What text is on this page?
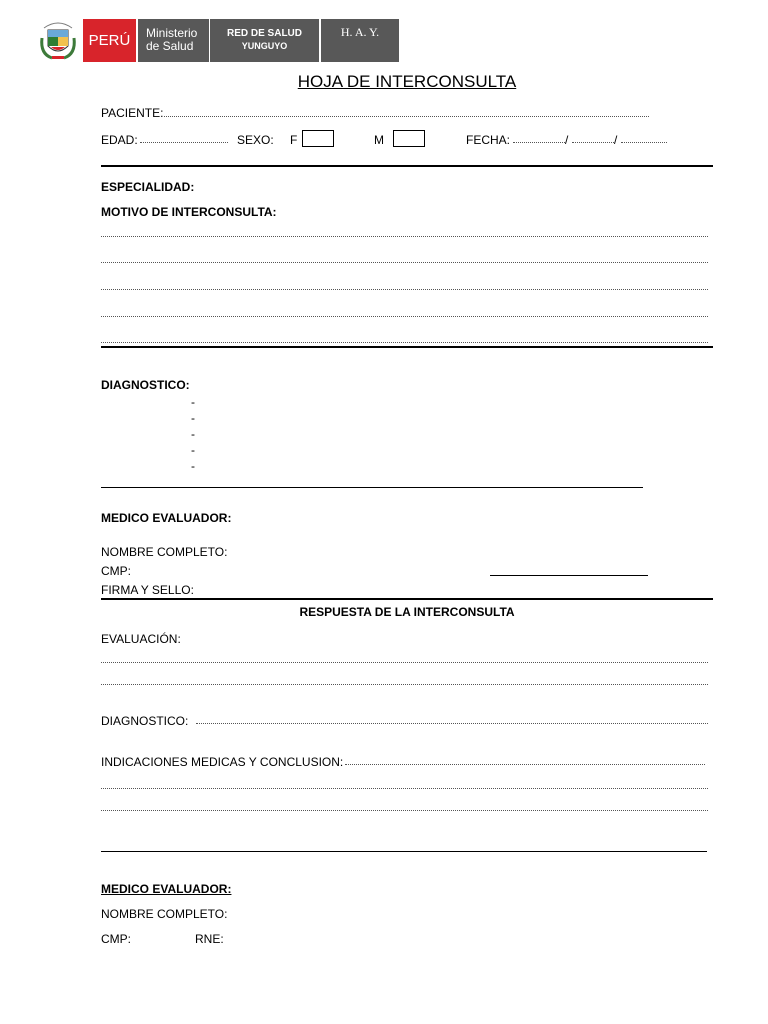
PERÚ	Ministerio
de Salud
RED DE SALUD
YUNGUYO
H. A. Y.
HOJA DE INTERCONSULTA
PACIENTE:
EDAD:	SEXO: F	M	FECHA:	/	/
ESPECIALIDAD:
MOTIVO DE INTERCONSULTA:
DIAGNOSTICO:
-
-
-
-
-
MEDICO EVALUADOR:
NOMBRE COMPLETO:
CMP:
FIRMA Y SELLO:
RESPUESTA DE LA INTERCONSULTA
EVALUACIÓN:
DIAGNOSTICO:
INDICACIONES MEDICAS Y CONCLUSION:
MEDICO EVALUADOR:
NOMBRE COMPLETO:
CMP:	RNE:
